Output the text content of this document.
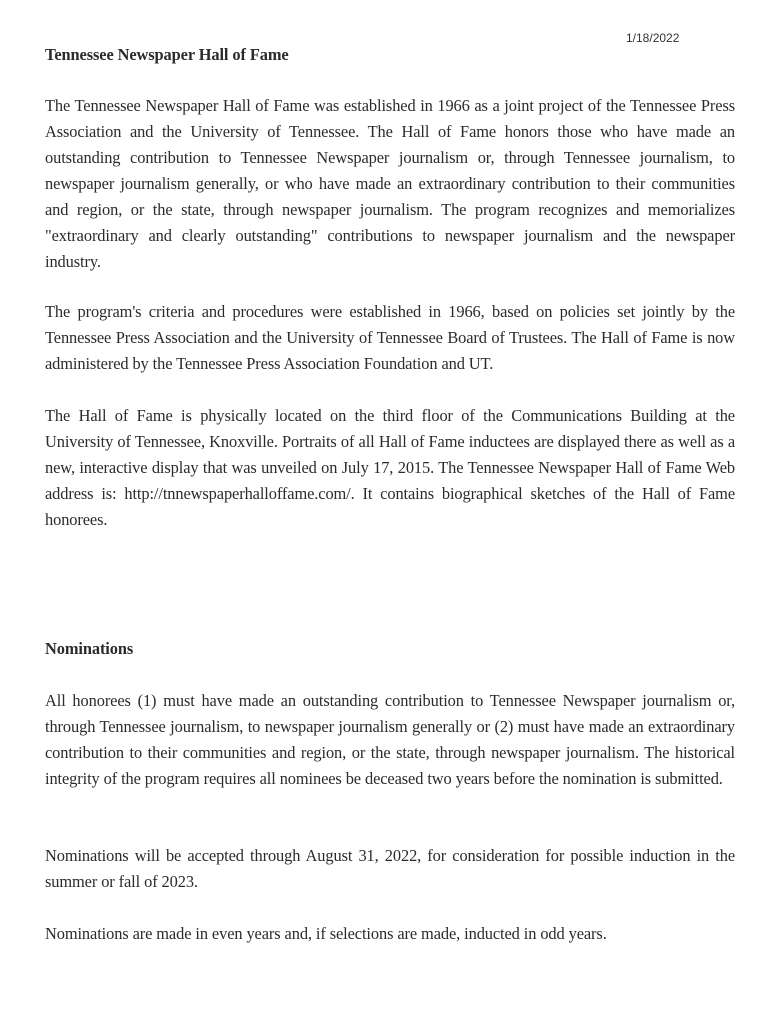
1/18/2022
Tennessee Newspaper Hall of Fame

The Tennessee Newspaper Hall of Fame was established in 1966 as a joint project of the Tennessee Press Association and the University of Tennessee. The Hall of Fame honors those who have made an outstanding contribution to Tennessee Newspaper journalism or, through Tennessee journalism, to newspaper journalism generally, or who have made an extraordinary contribution to their communities and region, or the state, through newspaper journalism. The program recognizes and memorializes "extraordinary and clearly outstanding" contributions to newspaper journalism and the newspaper industry.

The program's criteria and procedures were established in 1966, based on policies set jointly by the Tennessee Press Association and the University of Tennessee Board of Trustees. The Hall of Fame is now administered by the Tennessee Press Association Foundation and UT.

The Hall of Fame is physically located on the third floor of the Communications Building at the University of Tennessee, Knoxville. Portraits of all Hall of Fame inductees are displayed there as well as a new, interactive display that was unveiled on July 17, 2015. The Tennessee Newspaper Hall of Fame Web address is: http://tnnewspaperhalloffame.com/. It contains biographical sketches of the Hall of Fame honorees.

Nominations

All honorees (1) must have made an outstanding contribution to Tennessee Newspaper journalism or, through Tennessee journalism, to newspaper journalism generally or (2) must have made an extraordinary contribution to their communities and region, or the state, through newspaper journalism. The historical integrity of the program requires all nominees be deceased two years before the nomination is submitted.

Nominations will be accepted through August 31, 2022, for consideration for possible induction in the summer or fall of 2023.

Nominations are made in even years and, if selections are made, inducted in odd years.
